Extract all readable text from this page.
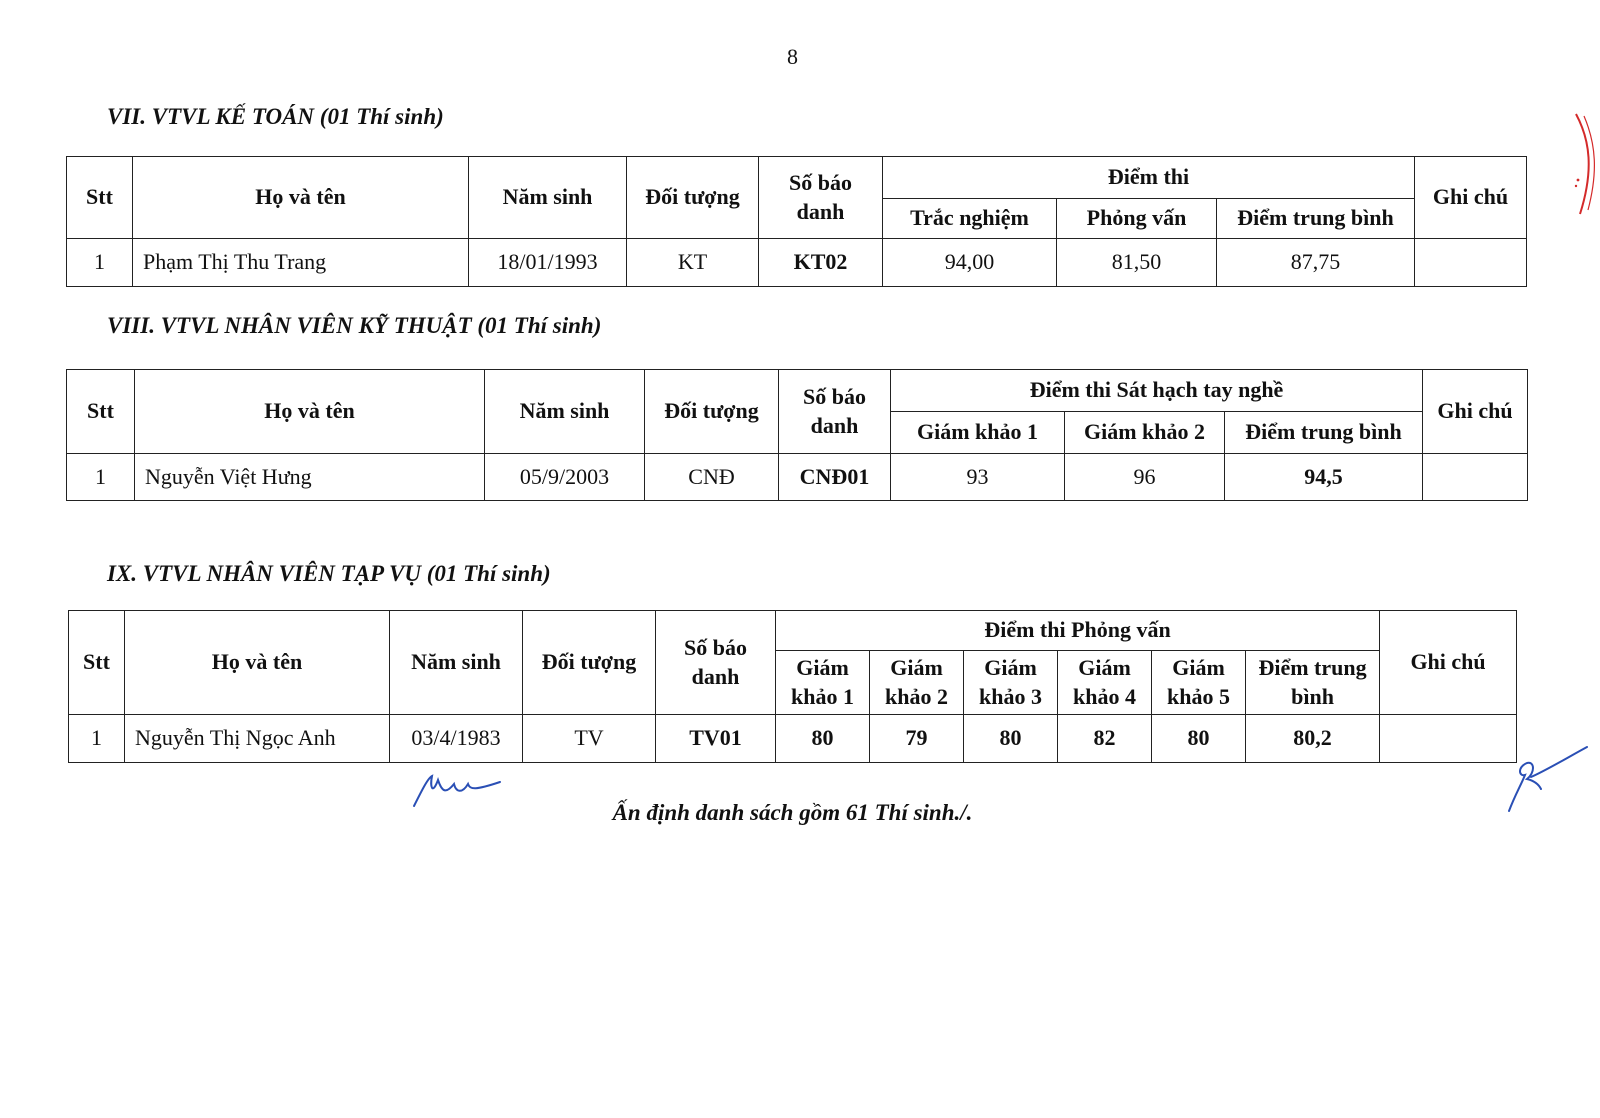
8
VII. VTVL KẾ TOÁN (01 Thí sinh)
Stt	Họ và tên	Năm sinh	Đối tượng	Số báo danh	Điểm thi			Ghi chú
					Trắc nghiệm	Phỏng vấn	Điểm trung bình	
1	Phạm Thị Thu Trang	18/01/1993	KT	KT02	94,00	81,50	87,75	
VIII. VTVL NHÂN VIÊN KỸ THUẬT (01 Thí sinh)
Stt	Họ và tên	Năm sinh	Đối tượng	Số báo danh	Điểm thi Sát hạch tay nghề			Ghi chú
					Giám khảo 1	Giám khảo 2	Điểm trung bình	
1	Nguyễn Việt Hưng	05/9/2003	CNĐ	CNĐ01	93	96	94,5	
IX. VTVL NHÂN VIÊN TẠP VỤ (01 Thí sinh)
Stt	Họ và tên	Năm sinh	Đối tượng	Số báo danh	Điểm thi Phỏng vấn						Ghi chú
					Giám khảo 1	Giám khảo 2	Giám khảo 3	Giám khảo 4	Giám khảo 5	Điểm trung bình	
1	Nguyễn Thị Ngọc Anh	03/4/1983	TV	TV01	80	79	80	82	80	80,2	
Ấn định danh sách gồm 61 Thí sinh./.
